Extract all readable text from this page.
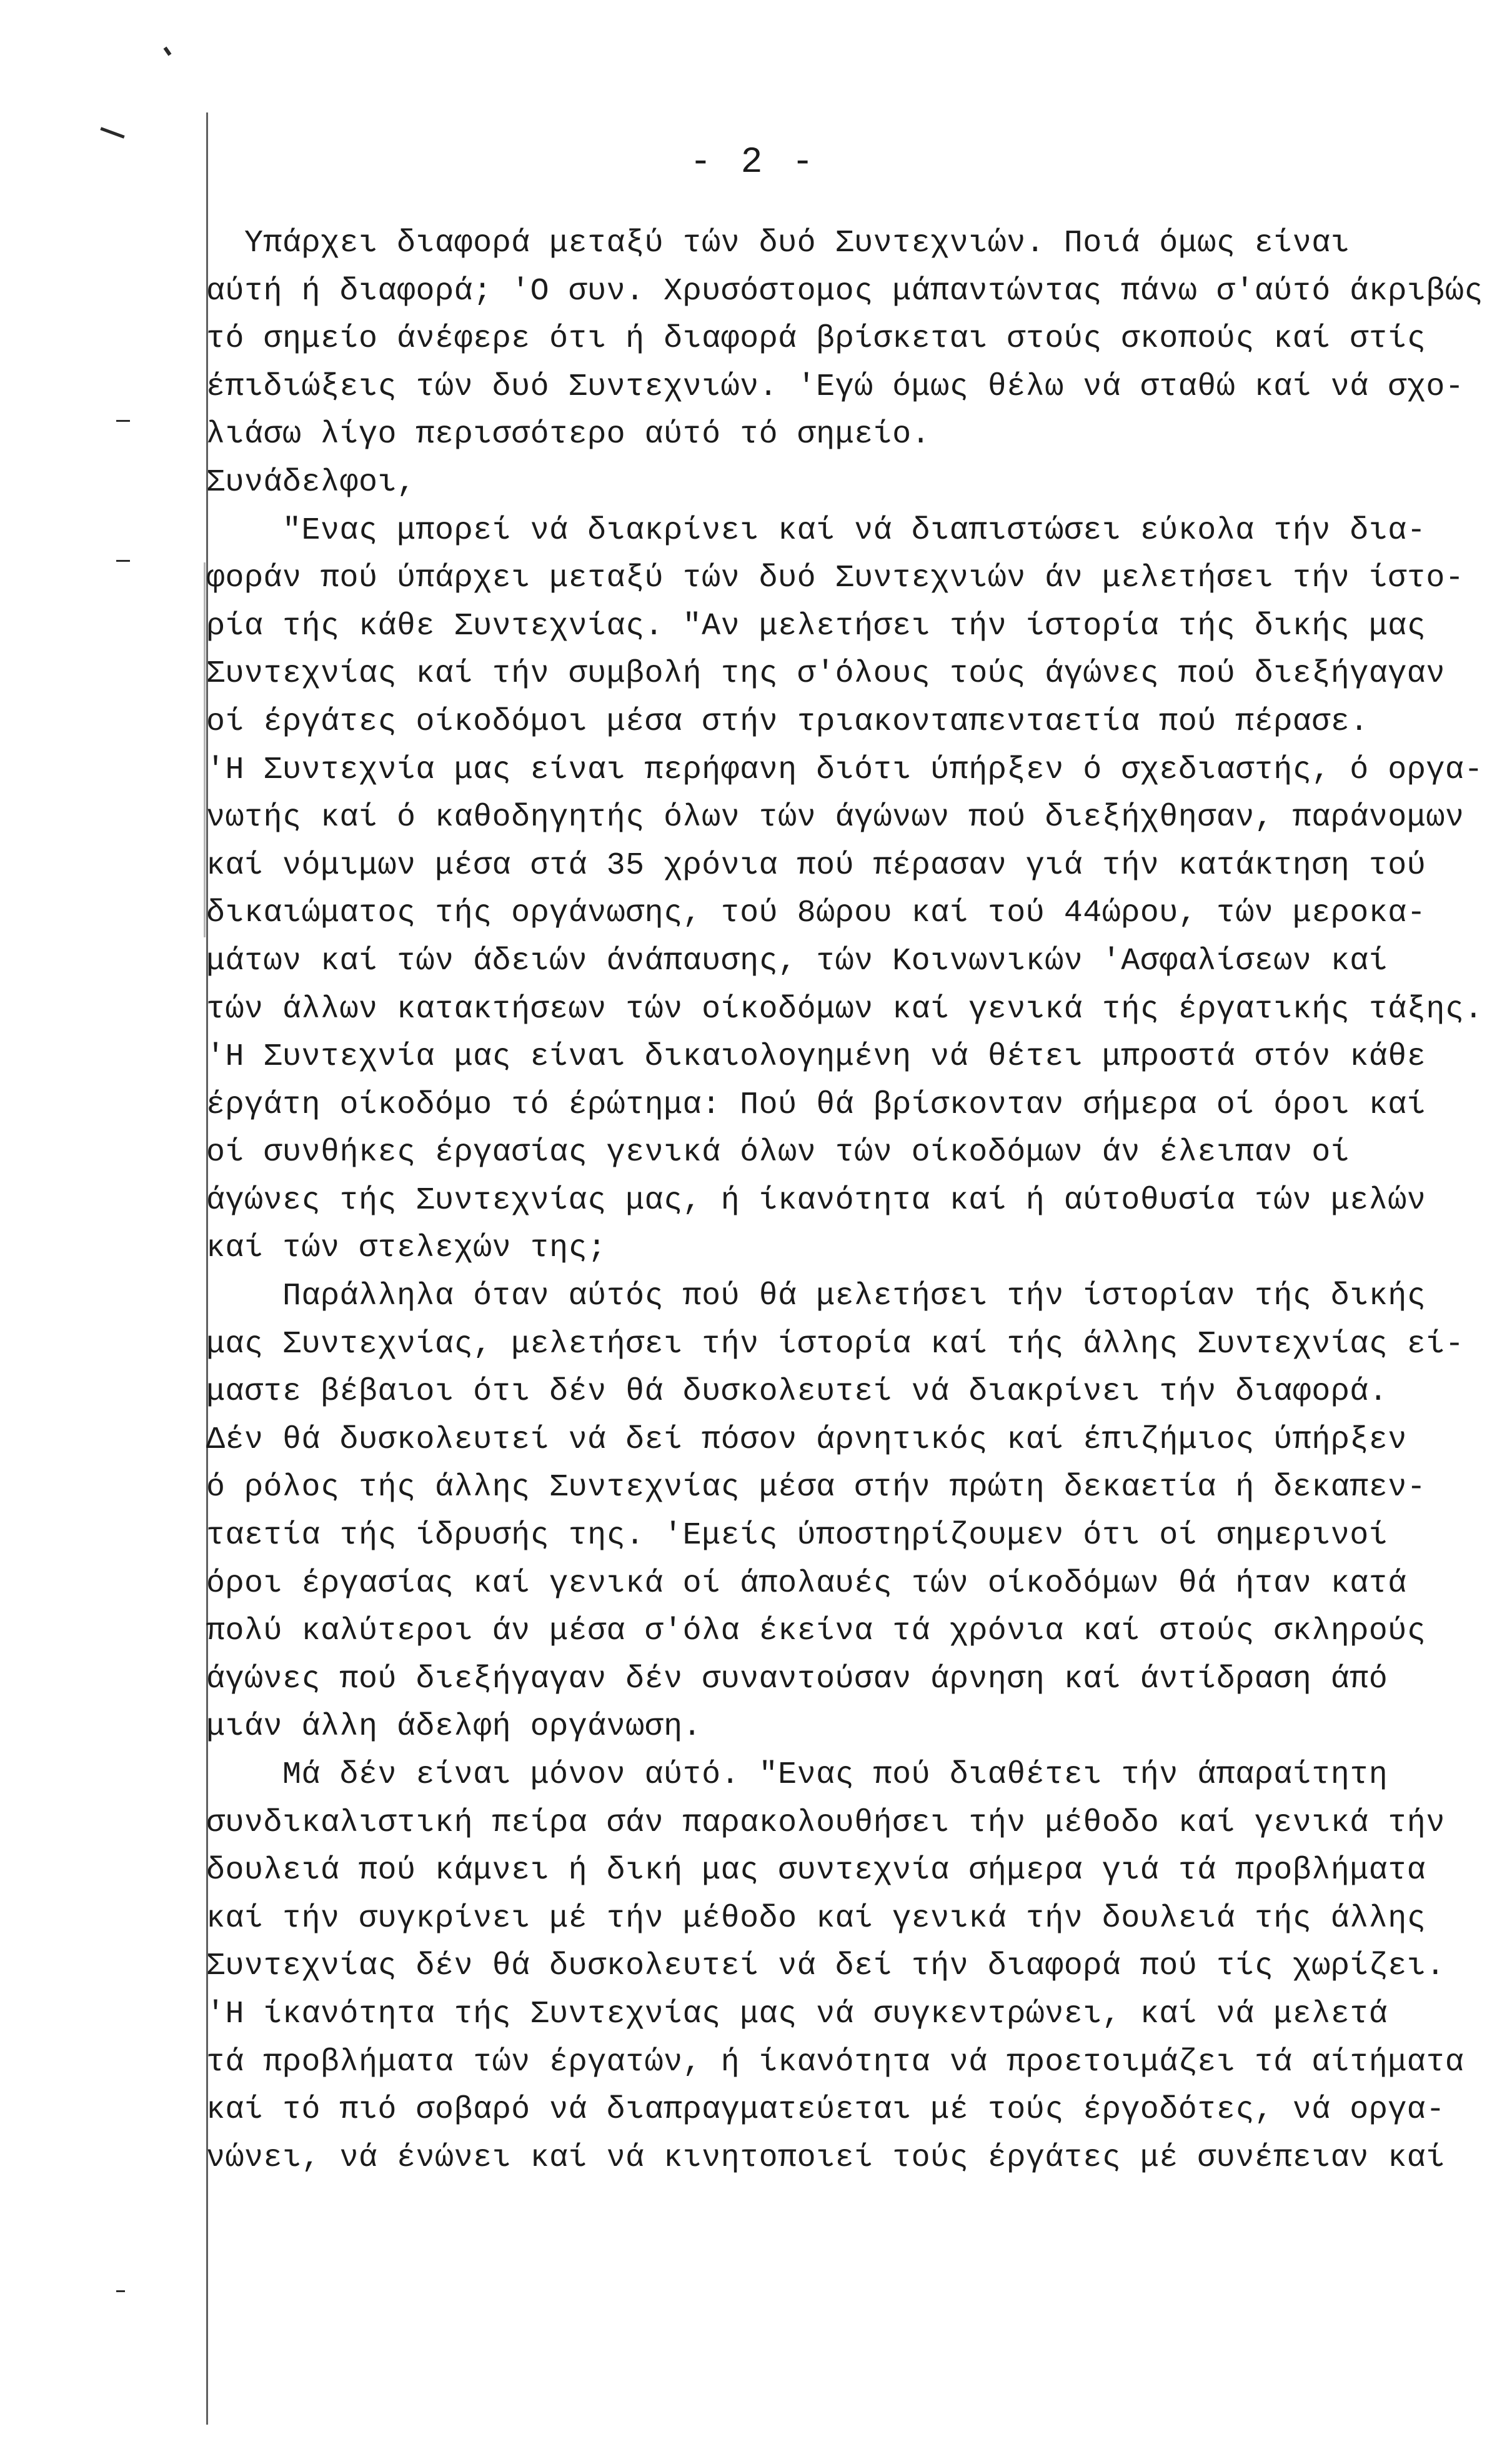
- 2 -
Υπάρχει διαφορά μεταξύ τών δυό Συντεχνιών. Ποιά όμως είναι
αύτή ή διαφορά; 'Ο συν. Χρυσόστομος μάπαντώντας πάνω σ'αύτό άκριβώς
τό σημείο άνέφερε ότι ή διαφορά βρίσκεται στούς σκοπούς καί στίς
έπιδιώξεις τών δυό Συντεχνιών. 'Εγώ όμως θέλω νά σταθώ καί νά σχο-
λιάσω λίγο περισσότερο αύτό τό σημείο.
Συνάδελφοι,
"Ενας μπορεί νά διακρίνει καί νά διαπιστώσει εύκολα τήν δια-
φοράν πού ύπάρχει μεταξύ τών δυό Συντεχνιών άν μελετήσει τήν ίστο-
ρία τής κάθε Συντεχνίας. "Αν μελετήσει τήν ίστορία τής δικής μας
Συντεχνίας καί τήν συμβολή της σ'όλους τούς άγώνες πού διεξήγαγαν
οί έργάτες οίκοδόμοι μέσα στήν τριακονταπενταετία πού πέρασε.
'Η Συντεχνία μας είναι περήφανη διότι ύπήρξεν ό σχεδιαστής, ό οργα-
νωτής καί ό καθοδηγητής όλων τών άγώνων πού διεξήχθησαν, παράνομων
καί νόμιμων μέσα στά 35 χρόνια πού πέρασαν γιά τήν κατάκτηση τού
δικαιώματος τής οργάνωσης, τού 8ώρου καί τού 44ώρου, τών μεροκα-
μάτων καί τών άδειών άνάπαυσης, τών Κοινωνικών 'Ασφαλίσεων καί
τών άλλων κατακτήσεων τών οίκοδόμων καί γενικά τής έργατικής τάξης.
'Η Συντεχνία μας είναι δικαιολογημένη νά θέτει μπροστά στόν κάθε
έργάτη οίκοδόμο τό έρώτημα: Πού θά βρίσκονταν σήμερα οί όροι καί
οί συνθήκες έργασίας γενικά όλων τών οίκοδόμων άν έλειπαν οί
άγώνες τής Συντεχνίας μας, ή ίκανότητα καί ή αύτοθυσία τών μελών
καί τών στελεχών της;
Παράλληλα όταν αύτός πού θά μελετήσει τήν ίστορίαν τής δικής
μας Συντεχνίας, μελετήσει τήν ίστορία καί τής άλλης Συντεχνίας εί-
μαστε βέβαιοι ότι δέν θά δυσκολευτεί νά διακρίνει τήν διαφορά.
Δέν θά δυσκολευτεί νά δεί πόσον άρνητικός καί έπιζήμιος ύπήρξεν
ό ρόλος τής άλλης Συντεχνίας μέσα στήν πρώτη δεκαετία ή δεκαπεν-
ταετία τής ίδρυσής της. 'Εμείς ύποστηρίζουμεν ότι οί σημερινοί
όροι έργασίας καί γενικά οί άπολαυές τών οίκοδόμων θά ήταν κατά
πολύ καλύτεροι άν μέσα σ'όλα έκείνα τά χρόνια καί στούς σκληρούς
άγώνες πού διεξήγαγαν δέν συναντούσαν άρνηση καί άντίδραση άπό
μιάν άλλη άδελφή οργάνωση.
Μά δέν είναι μόνον αύτό. "Ενας πού διαθέτει τήν άπαραίτητη
συνδικαλιστική πείρα σάν παρακολουθήσει τήν μέθοδο καί γενικά τήν
δουλειά πού κάμνει ή δική μας συντεχνία σήμερα γιά τά προβλήματα
καί τήν συγκρίνει μέ τήν μέθοδο καί γενικά τήν δουλειά τής άλλης
Συντεχνίας δέν θά δυσκολευτεί νά δεί τήν διαφορά πού τίς χωρίζει.
'Η ίκανότητα τής Συντεχνίας μας νά συγκεντρώνει, καί νά μελετά
τά προβλήματα τών έργατών, ή ίκανότητα νά προετοιμάζει τά αίτήματα
καί τό πιό σοβαρό νά διαπραγματεύεται μέ τούς έργοδότες, νά οργα-
νώνει, νά ένώνει καί νά κινητοποιεί τούς έργάτες μέ συνέπειαν καί
